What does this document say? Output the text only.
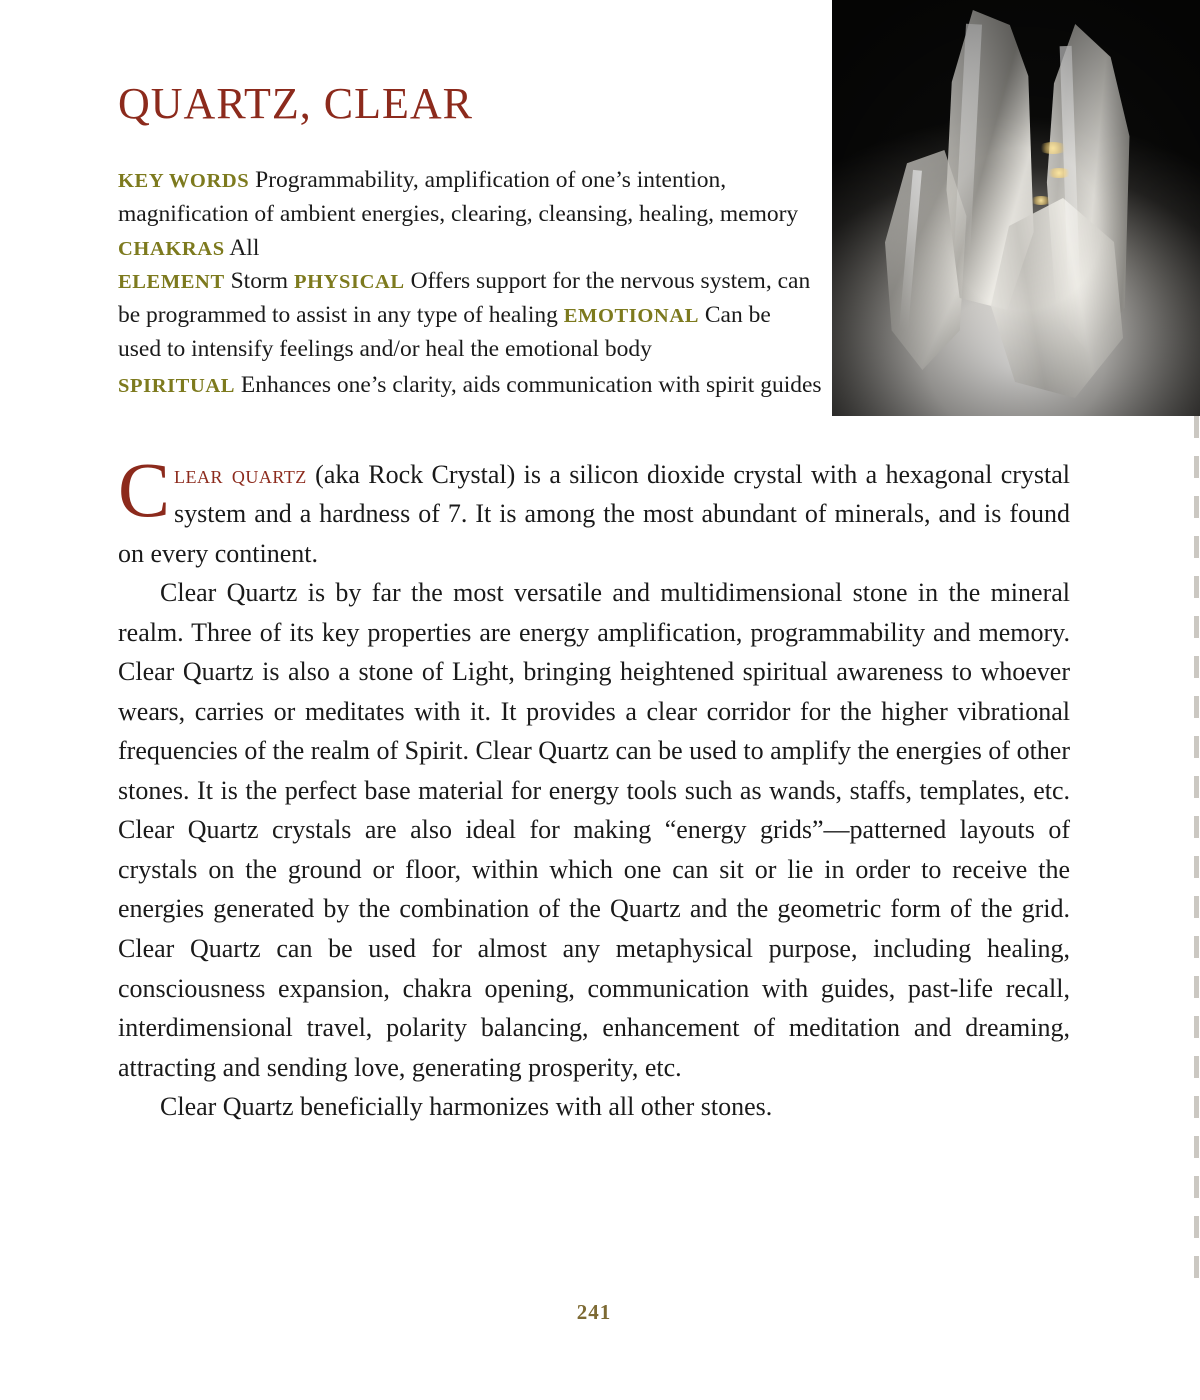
QUARTZ, CLEAR
KEY WORDS Programmability, amplification of one’s intention, magnification of ambient energies, clearing, cleansing, healing, memory CHAKRAS All
ELEMENT Storm PHYSICAL Offers support for the nervous system, can be programmed to assist in any type of healing EMOTIONAL Can be used to intensify feelings and/or heal the emotional body
SPIRITUAL Enhances one’s clarity, aids communication with spirit guides

Clear quartz (aka Rock Crystal) is a silicon dioxide crystal with a hexagonal crystal system and a hardness of 7. It is among the most abundant of minerals, and is found on every continent.

Clear Quartz is by far the most versatile and multidimensional stone in the mineral realm. Three of its key properties are energy amplification, programmability and memory. Clear Quartz is also a stone of Light, bringing heightened spiritual awareness to whoever wears, carries or meditates with it. It provides a clear corridor for the higher vibrational frequencies of the realm of Spirit. Clear Quartz can be used to amplify the energies of other stones. It is the perfect base material for energy tools such as wands, staffs, templates, etc. Clear Quartz crystals are also ideal for making “energy grids”—patterned layouts of crystals on the ground or floor, within which one can sit or lie in order to receive the energies generated by the combination of the Quartz and the geometric form of the grid. Clear Quartz can be used for almost any metaphysical purpose, including healing, consciousness expansion, chakra opening, communication with guides, past-life recall, interdimensional travel, polarity balancing, enhancement of meditation and dreaming, attracting and sending love, generating prosperity, etc.

Clear Quartz beneficially harmonizes with all other stones.

241
